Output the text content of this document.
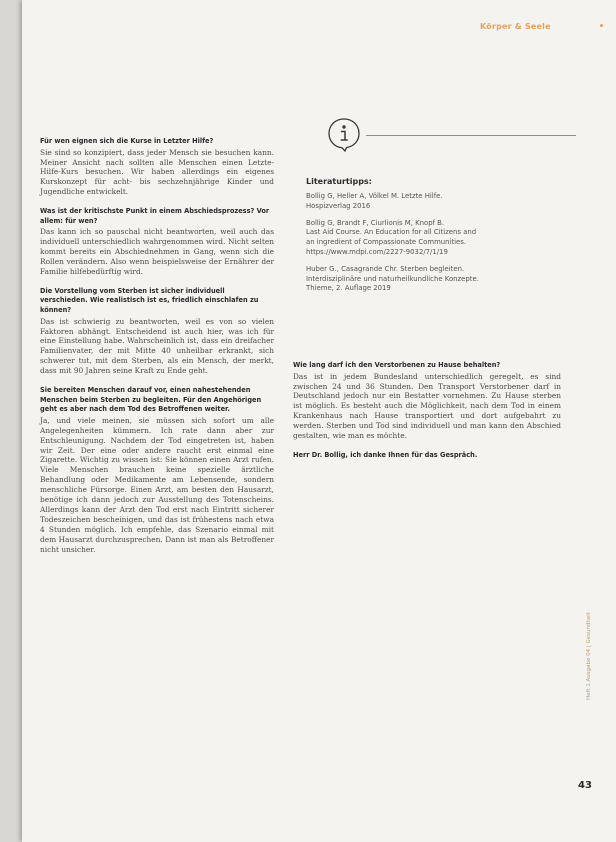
Körper & Seele

Für wen eignen sich die Kurse in Letzter Hilfe?

Sie sind so konzipiert, dass jeder Mensch sie besuchen kann. Meiner Ansicht nach sollten alle Menschen einen Letzte-Hilfe-Kurs besuchen. Wir haben allerdings ein eigenes Kurskonzept für acht- bis sechzehnjährige Kinder und Jugendliche entwickelt.

Was ist der kritischste Punkt in einem Abschiedsprozess? Vor allem: für wen?

Das kann ich so pauschal nicht beantworten, weil auch das individuell unterschiedlich wahrgenommen wird. Nicht selten kommt bereits ein Abschiednehmen in Gang, wenn sich die Rollen verändern. Also wenn beispielsweise der Ernährer der Familie hilfebedürftig wird.

Die Vorstellung vom Sterben ist sicher individuell verschieden. Wie realistisch ist es, friedlich einschlafen zu können?

Das ist schwierig zu beantworten, weil es von so vielen Faktoren abhängt. Entscheidend ist auch hier, was ich für eine Einstellung habe. Wahrscheinlich ist, dass ein dreifacher Familienvater, der mit Mitte 40 unheilbar erkrankt, sich schwerer tut, mit dem Sterben, als ein Mensch, der merkt, dass mit 90 Jahren seine Kraft zu Ende geht.

Sie bereiten Menschen darauf vor, einen nahestehenden Menschen beim Sterben zu begleiten. Für den Angehörigen geht es aber nach dem Tod des Betroffenen weiter.

Ja, und viele meinen, sie müssen sich sofort um alle Angelegenheiten kümmern. Ich rate dann aber zur Entschleunigung. Nachdem der Tod eingetreten ist, haben wir Zeit. Der eine oder andere raucht erst einmal eine Zigarette. Wichtig zu wissen ist: Sie können einen Arzt rufen. Viele Menschen brauchen keine spezielle ärztliche Behandlung oder Medikamente am Lebensende, sondern menschliche Fürsorge. Einen Arzt, am besten den Hausarzt, benötige ich dann jedoch zur Ausstellung des Totenscheins. Allerdings kann der Arzt den Tod erst nach Eintritt sicherer Todeszeichen bescheinigen, und das ist frühestens nach etwa 4 Stunden möglich. Ich empfehle, das Szenario einmal mit dem Hausarzt durchzusprechen. Dann ist man als Betroffener nicht unsicher.

Literaturtipps:

Bollig G, Heller A, Völkel M. Letzte Hilfe.
Hospizverlag 2016
Bollig G, Brandt F, Ciurlionis M, Knopf B.
Last Aid Course. An Education for all Citizens and
an ingredient of Compassionate Communities.
https://www.mdpi.com/2227-9032/7/1/19
Huber G., Casagrande Chr. Sterben begleiten.
Interdisziplinäre und naturheilkundliche Konzepte.
Thieme, 2. Auflage 2019

Wie lang darf ich den Verstorbenen zu Hause behalten?

Das ist in jedem Bundesland unterschiedlich geregelt, es sind zwischen 24 und 36 Stunden. Den Transport Verstorbener darf in Deutschland jedoch nur ein Bestatter vornehmen. Zu Hause sterben ist möglich. Es besteht auch die Möglichkeit, nach dem Tod in einem Krankenhaus nach Hause transportiert und dort aufgebahrt zu werden. Sterben und Tod sind individuell und man kann den Abschied gestalten, wie man es möchte.

Herr Dr. Bollig, ich danke Ihnen für das Gespräch.

Heft 1 Ausgabe 04 | Gesundheit
43
